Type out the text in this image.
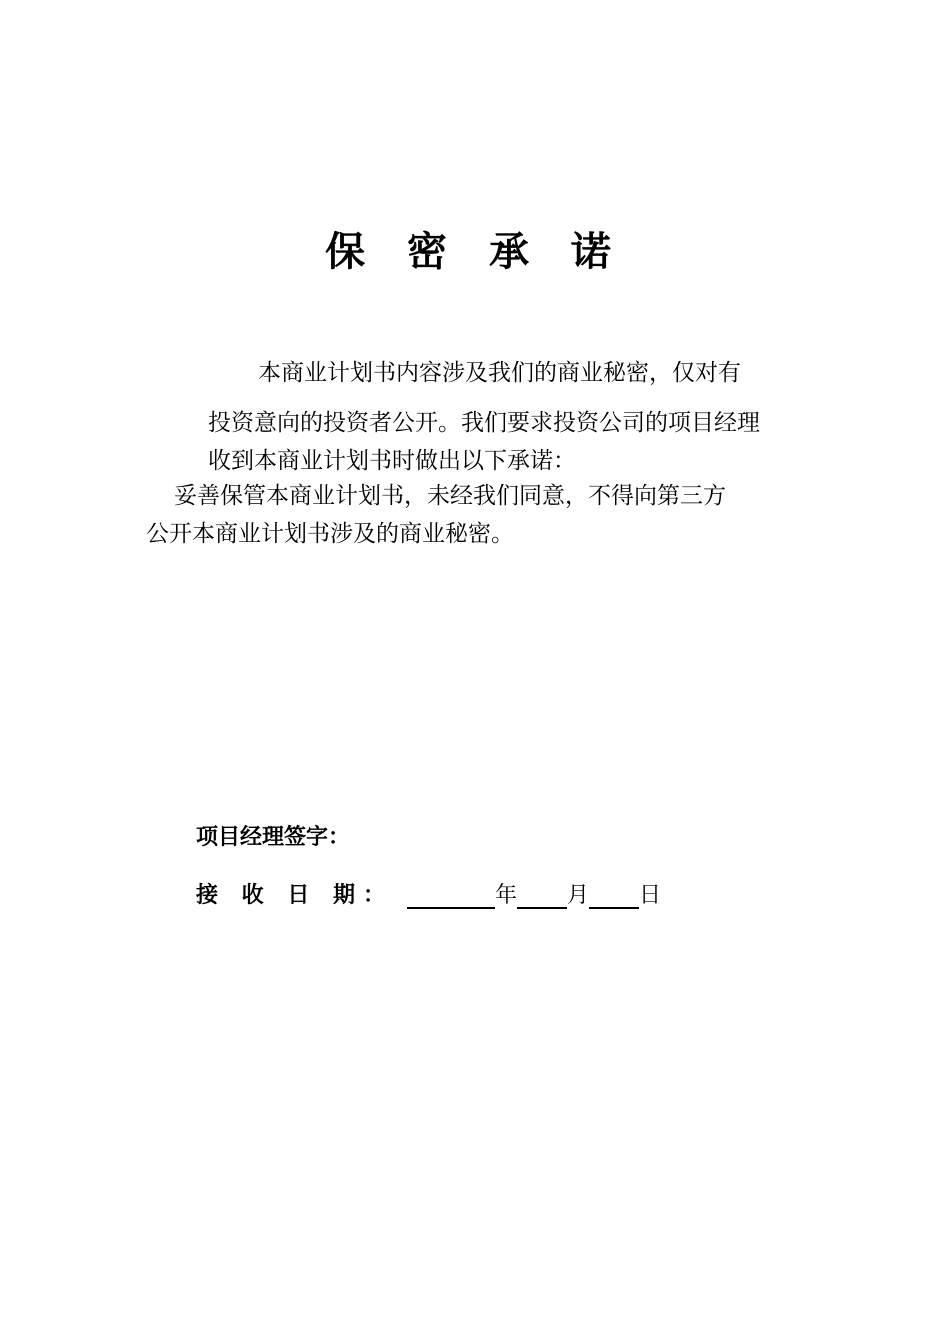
保 密 承 诺
本商业计划书内容涉及我们的商业秘密，仅对有
投资意向的投资者公开。我们要求投资公司的项目经理
收到本商业计划书时做出以下承诺：
妥善保管本商业计划书，未经我们同意，不得向第三方
公开本商业计划书涉及的商业秘密。
项目经理签字：
接 收 日 期：	年 月 日
